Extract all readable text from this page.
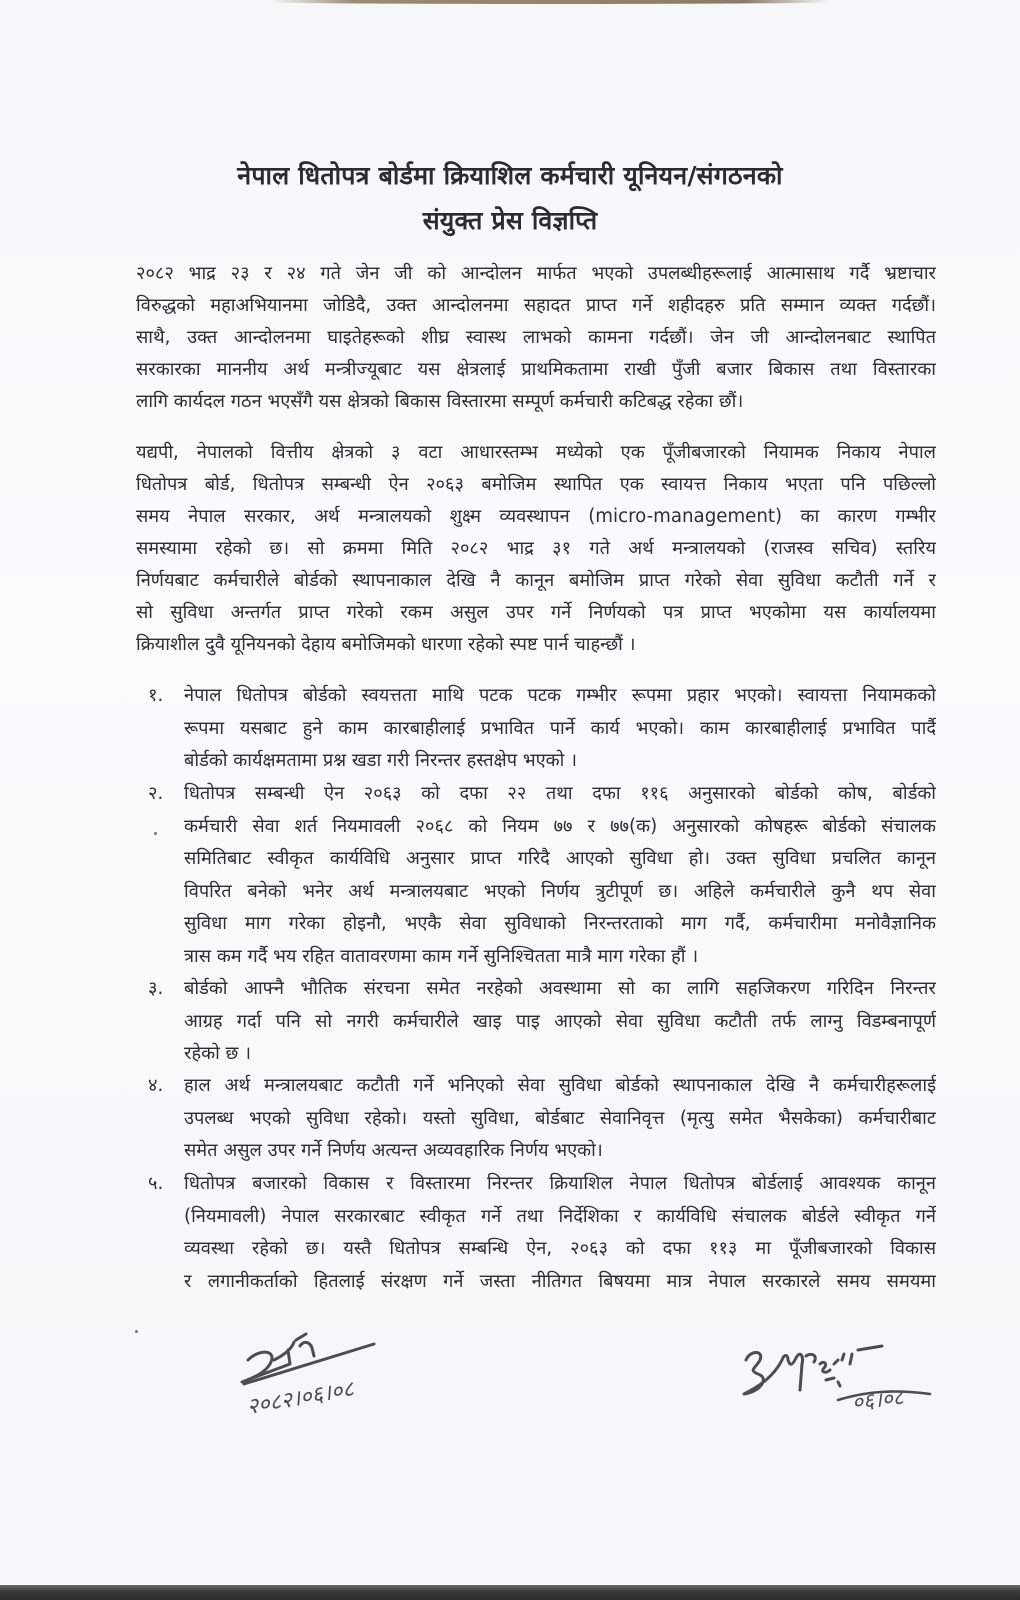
नेपाल धितोपत्र बोर्डमा क्रियाशिल कर्मचारी यूनियन/संगठनको
संयुक्त प्रेस विज्ञप्ति
२०८२ भाद्र २३ र २४ गते जेन जी को आन्दोलन मार्फत भएको उपलब्धीहरूलाई आत्मासाथ गर्दै भ्रष्टाचार
विरुद्धको महाअभियानमा जोडिदै, उक्त आन्दोलनमा सहादत प्राप्त गर्ने शहीदहरु प्रति सम्मान व्यक्त गर्दछौं।
साथै, उक्त आन्दोलनमा घाइतेहरूको शीघ्र स्वास्थ लाभको कामना गर्दछौं। जेन जी आन्दोलनबाट स्थापित
सरकारका माननीय अर्थ मन्त्रीज्यूबाट यस क्षेत्रलाई प्राथमिकतामा राखी पुँजी बजार बिकास तथा विस्तारका
लागि कार्यदल गठन भएसँगै यस क्षेत्रको बिकास विस्तारमा सम्पूर्ण कर्मचारी कटिबद्ध रहेका छौं।
यद्यपी, नेपालको वित्तीय क्षेत्रको ३ वटा आधारस्तम्भ मध्येको एक पूँजीबजारको नियामक निकाय नेपाल
धितोपत्र बोर्ड, धितोपत्र सम्बन्धी ऐन २०६३ बमोजिम स्थापित एक स्वायत्त निकाय भएता पनि पछिल्लो
समय नेपाल सरकार, अर्थ मन्त्रालयको शुक्ष्म व्यवस्थापन (micro-management) का कारण गम्भीर
समस्यामा रहेको छ। सो क्रममा मिति २०८२ भाद्र ३१ गते अर्थ मन्त्रालयको (राजस्व सचिव) स्तरिय
निर्णयबाट कर्मचारीले बोर्डको स्थापनाकाल देखि नै कानून बमोजिम प्राप्त गरेको सेवा सुविधा कटौती गर्ने र
सो सुविधा अन्तर्गत प्राप्त गरेको रकम असुल उपर गर्ने निर्णयको पत्र प्राप्त भएकोमा यस कार्यालयमा
क्रियाशील दुवै यूनियनको देहाय बमोजिमको धारणा रहेको स्पष्ट पार्न चाहन्छौं ।
१.	नेपाल धितोपत्र बोर्डको स्वयत्तता माथि पटक पटक गम्भीर रूपमा प्रहार भएको। स्वायत्ता नियामकको
रूपमा यसबाट हुने काम कारबाहीलाई प्रभावित पार्ने कार्य भएको। काम कारबाहीलाई प्रभावित पार्दै
बोर्डको कार्यक्षमतामा प्रश्न खडा गरी निरन्तर हस्तक्षेप भएको ।
२.	धितोपत्र सम्बन्धी ऐन २०६३ को दफा २२ तथा दफा ११६ अनुसारको बोर्डको कोष, बोर्डको
कर्मचारी सेवा शर्त नियमावली २०६८ को नियम ७७ र ७७(क) अनुसारको कोषहरू बोर्डको संचालक
समितिबाट स्वीकृत कार्यविधि अनुसार प्राप्त गरिदै आएको सुविधा हो। उक्त सुविधा प्रचलित कानून
विपरित बनेको भनेर अर्थ मन्त्रालयबाट भएको निर्णय त्रुटीपूर्ण छ। अहिले कर्मचारीले कुनै थप सेवा
सुविधा माग गरेका होइनौ, भएकै सेवा सुविधाको निरन्तरताको माग गर्दै, कर्मचारीमा मनोवैज्ञानिक
त्रास कम गर्दै भय रहित वातावरणमा काम गर्ने सुनिश्चितता मात्रै माग गरेका हौं ।
३.	बोर्डको आफ्नै भौतिक संरचना समेत नरहेको अवस्थामा सो का लागि सहजिकरण गरिदिन निरन्तर
आग्रह गर्दा पनि सो नगरी कर्मचारीले खाइ पाइ आएको सेवा सुविधा कटौती तर्फ लाग्नु विडम्बनापूर्ण
रहेको छ ।
४.	हाल अर्थ मन्त्रालयबाट कटौती गर्ने भनिएको सेवा सुविधा बोर्डको स्थापनाकाल देखि नै कर्मचारीहरूलाई
उपलब्ध भएको सुविधा रहेको। यस्तो सुविधा, बोर्डबाट सेवानिवृत्त (मृत्यु समेत भैसकेका) कर्मचारीबाट
समेत असुल उपर गर्ने निर्णय अत्यन्त अव्यवहारिक निर्णय भएको।
५.	धितोपत्र बजारको विकास र विस्तारमा निरन्तर क्रियाशिल नेपाल धितोपत्र बोर्डलाई आवश्यक कानून
(नियमावली) नेपाल सरकारबाट स्वीकृत गर्ने तथा निर्देशिका र कार्यविधि संचालक बोर्डले स्वीकृत गर्ने
व्यवस्था रहेको छ। यस्तै धितोपत्र सम्बन्धि ऐन, २०६३ को दफा ११३ मा पूँजीबजारको विकास
र लगानीकर्ताको हितलाई संरक्षण गर्ने जस्ता नीतिगत बिषयमा मात्र नेपाल सरकारले समय समयमा
२०८२।०६।०८	०६।०८
